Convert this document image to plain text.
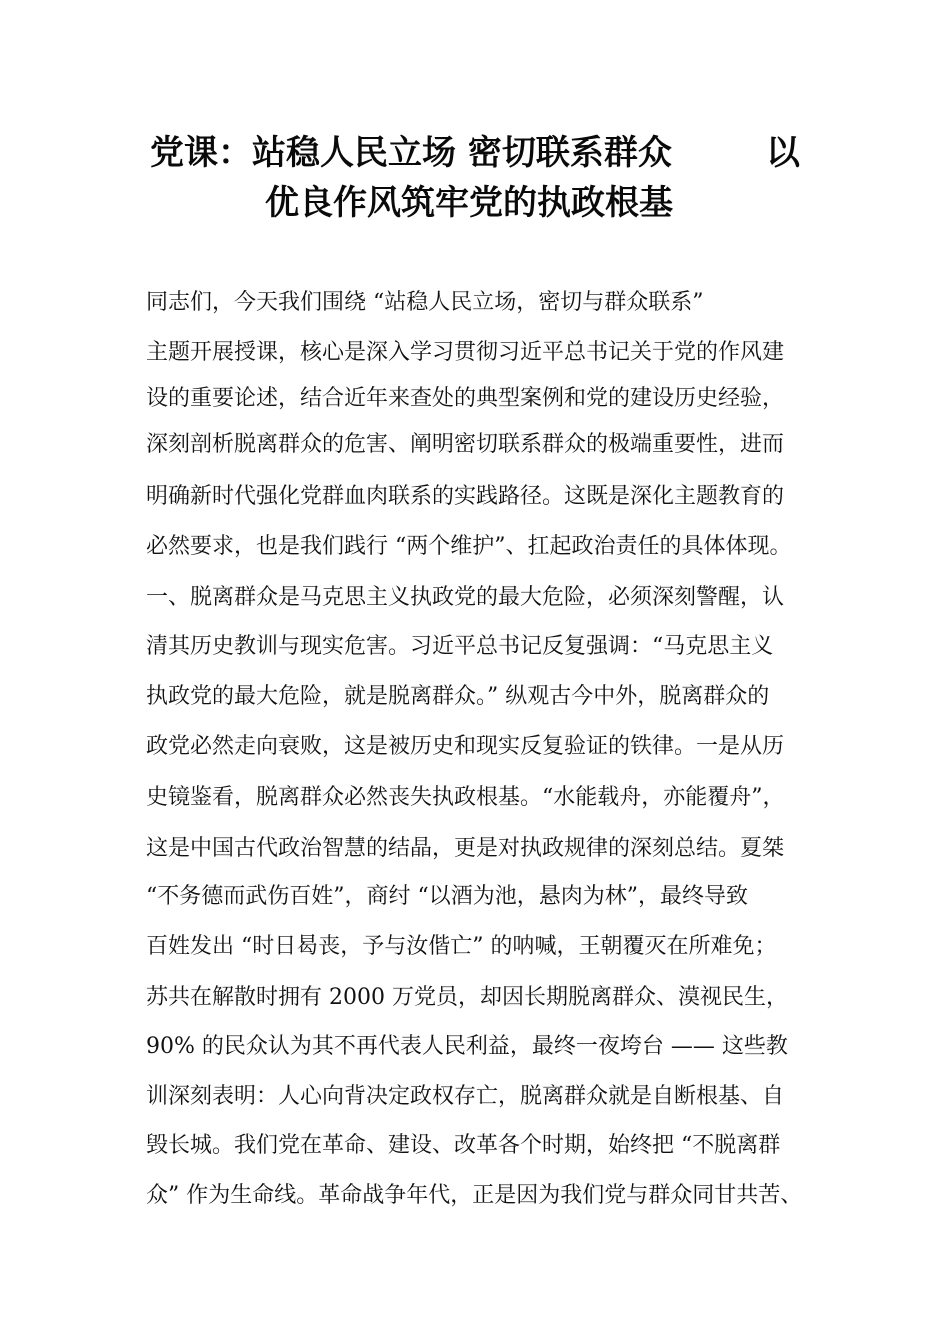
党课：站稳人民立场 密切联系群众	以
优良作风筑牢党的执政根基
同志们，今天我们围绕 “站稳人民立场，密切与群众联系”
主题开展授课，核心是深入学习贯彻习近平总书记关于党的作风建
设的重要论述，结合近年来查处的典型案例和党的建设历史经验，
深刻剖析脱离群众的危害、阐明密切联系群众的极端重要性，进而
明确新时代强化党群血肉联系的实践路径。这既是深化主题教育的
必然要求，也是我们践行 “两个维护”、扛起政治责任的具体体现。
一、脱离群众是马克思主义执政党的最大危险，必须深刻警醒，认
清其历史教训与现实危害。习近平总书记反复强调：“马克思主义
执政党的最大危险，就是脱离群众。” 纵观古今中外，脱离群众的
政党必然走向衰败，这是被历史和现实反复验证的铁律。一是从历
史镜鉴看，脱离群众必然丧失执政根基。“水能载舟，亦能覆舟”，
这是中国古代政治智慧的结晶，更是对执政规律的深刻总结。夏桀
“不务德而武伤百姓”，商纣 “以酒为池，悬肉为林”，最终导致
百姓发出 “时日曷丧，予与汝偕亡” 的呐喊，王朝覆灭在所难免；
苏共在解散时拥有 2000 万党员，却因长期脱离群众、漠视民生，
90% 的民众认为其不再代表人民利益，最终一夜垮台 —— 这些教
训深刻表明：人心向背决定政权存亡，脱离群众就是自断根基、自
毁长城。我们党在革命、建设、改革各个时期，始终把 “不脱离群
众” 作为生命线。革命战争年代，正是因为我们党与群众同甘共苦、
